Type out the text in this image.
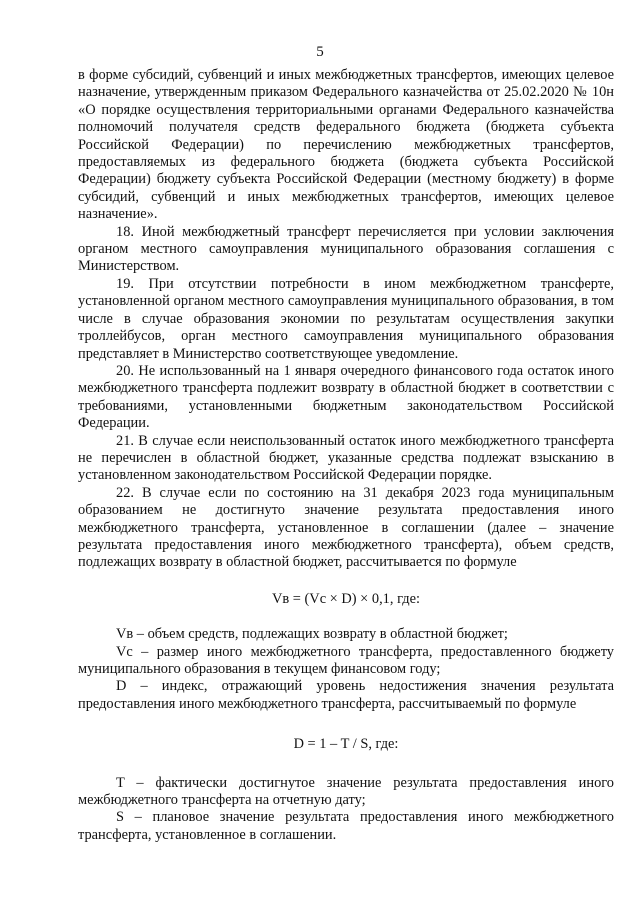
5

в форме субсидий, субвенций и иных межбюджетных трансфертов, имеющих целевое назначение, утвержденным приказом Федерального казначейства от 25.02.2020 № 10н «О порядке осуществления территориальными органами Федерального казначейства полномочий получателя средств федерального бюджета (бюджета субъекта Российской Федерации) по перечислению межбюджетных трансфертов, предоставляемых из федерального бюджета (бюджета субъекта Российской Федерации) бюджету субъекта Российской Федерации (местному бюджету) в форме субсидий, субвенций и иных межбюджетных трансфертов, имеющих целевое назначение».

18. Иной межбюджетный трансферт перечисляется при условии заключения органом местного самоуправления муниципального образования соглашения с Министерством.

19. При отсутствии потребности в ином межбюджетном трансферте, установленной органом местного самоуправления муниципального образования, в том числе в случае образования экономии по результатам осуществления закупки троллейбусов, орган местного самоуправления муниципального образования представляет в Министерство соответствующее уведомление.

20. Не использованный на 1 января очередного финансового года остаток иного межбюджетного трансферта подлежит возврату в областной бюджет в соответствии с требованиями, установленными бюджетным законодательством Российской Федерации.

21. В случае если неиспользованный остаток иного межбюджетного трансферта не перечислен в областной бюджет, указанные средства подлежат взысканию в установленном законодательством Российской Федерации порядке.

22. В случае если по состоянию на 31 декабря 2023 года муниципальным образованием не достигнуто значение результата предоставления иного межбюджетного трансферта, установленное в соглашении (далее – значение результата предоставления иного межбюджетного трансферта), объем средств, подлежащих возврату в областной бюджет, рассчитывается по формуле

Vв = (Vс × D) × 0,1, где:

Vв – объем средств, подлежащих возврату в областной бюджет;

Vс – размер иного межбюджетного трансферта, предоставленного бюджету муниципального образования в текущем финансовом году;

D – индекс, отражающий уровень недостижения значения результата предоставления иного межбюджетного трансферта, рассчитываемый по формуле

D = 1 – T / S, где:

T – фактически достигнутое значение результата предоставления иного межбюджетного трансферта на отчетную дату;

S – плановое значение результата предоставления иного межбюджетного трансферта, установленное в соглашении.
